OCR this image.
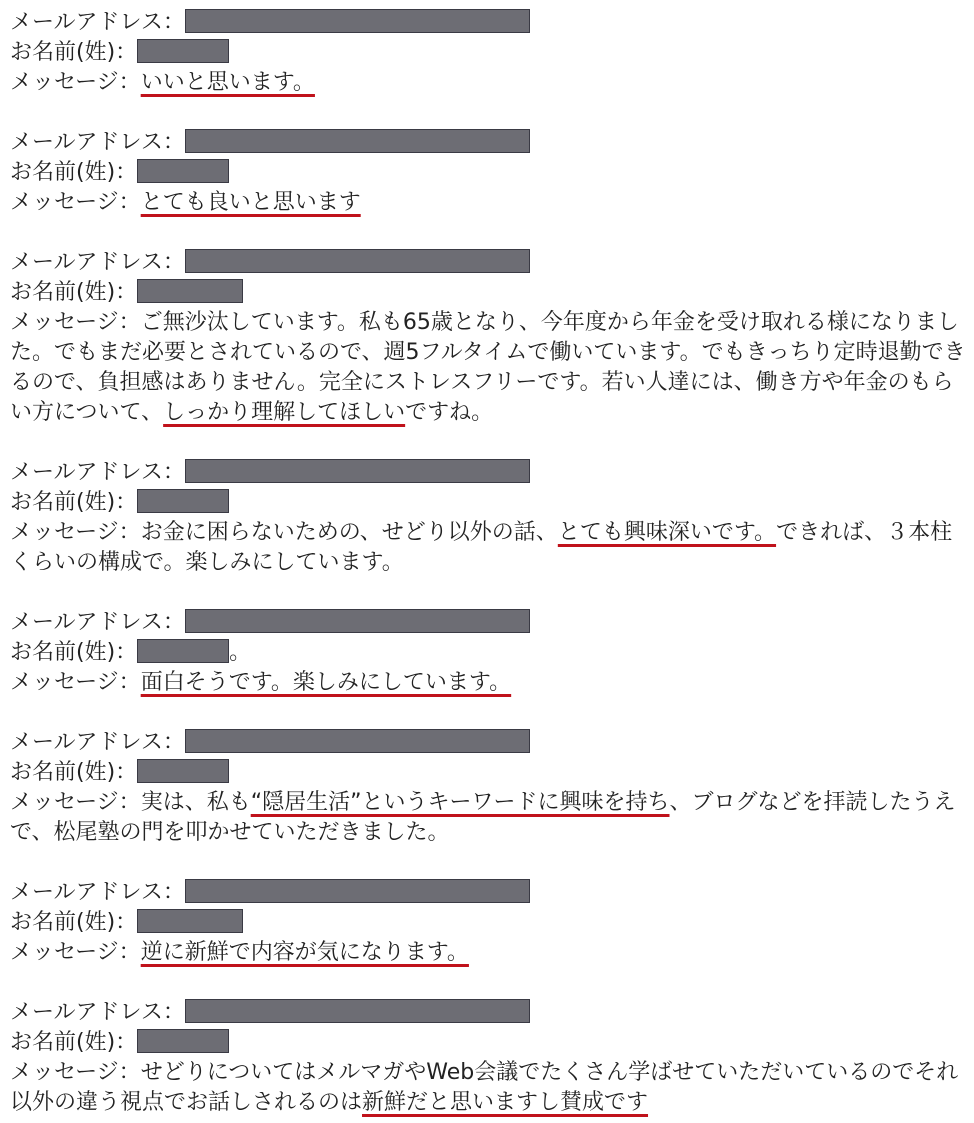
メールアドレス：
お名前(姓)：
メッセージ：いいと思います。
メールアドレス：
お名前(姓)：
メッセージ：とても良いと思います
メールアドレス：
お名前(姓)：
メッセージ：ご無沙汰しています。私も65歳となり、今年度から年金を受け取れる様になりました。でもまだ必要とされているので、週5フルタイムで働いています。でもきっちり定時退勤できるので、負担感はありません。完全にストレスフリーです。若い人達には、働き方や年金のもらい方について、しっかり理解してほしいですね。
メールアドレス：
お名前(姓)：
メッセージ：お金に困らないための、せどり以外の話、とても興味深いです。できれば、３本柱くらいの構成で。楽しみにしています。
メールアドレス：
お名前(姓)：	。
メッセージ：面白そうです。楽しみにしています。
メールアドレス：
お名前(姓)：
メッセージ：実は、私も“隠居生活”というキーワードに興味を持ち、ブログなどを拝読したうえで、松尾塾の門を叩かせていただきました。
メールアドレス：
お名前(姓)：
メッセージ：逆に新鮮で内容が気になります。
メールアドレス：
お名前(姓)：
メッセージ：せどりについてはメルマガやWeb会議でたくさん学ばせていただいているのでそれ以外の違う視点でお話しされるのは新鮮だと思いますし賛成です
